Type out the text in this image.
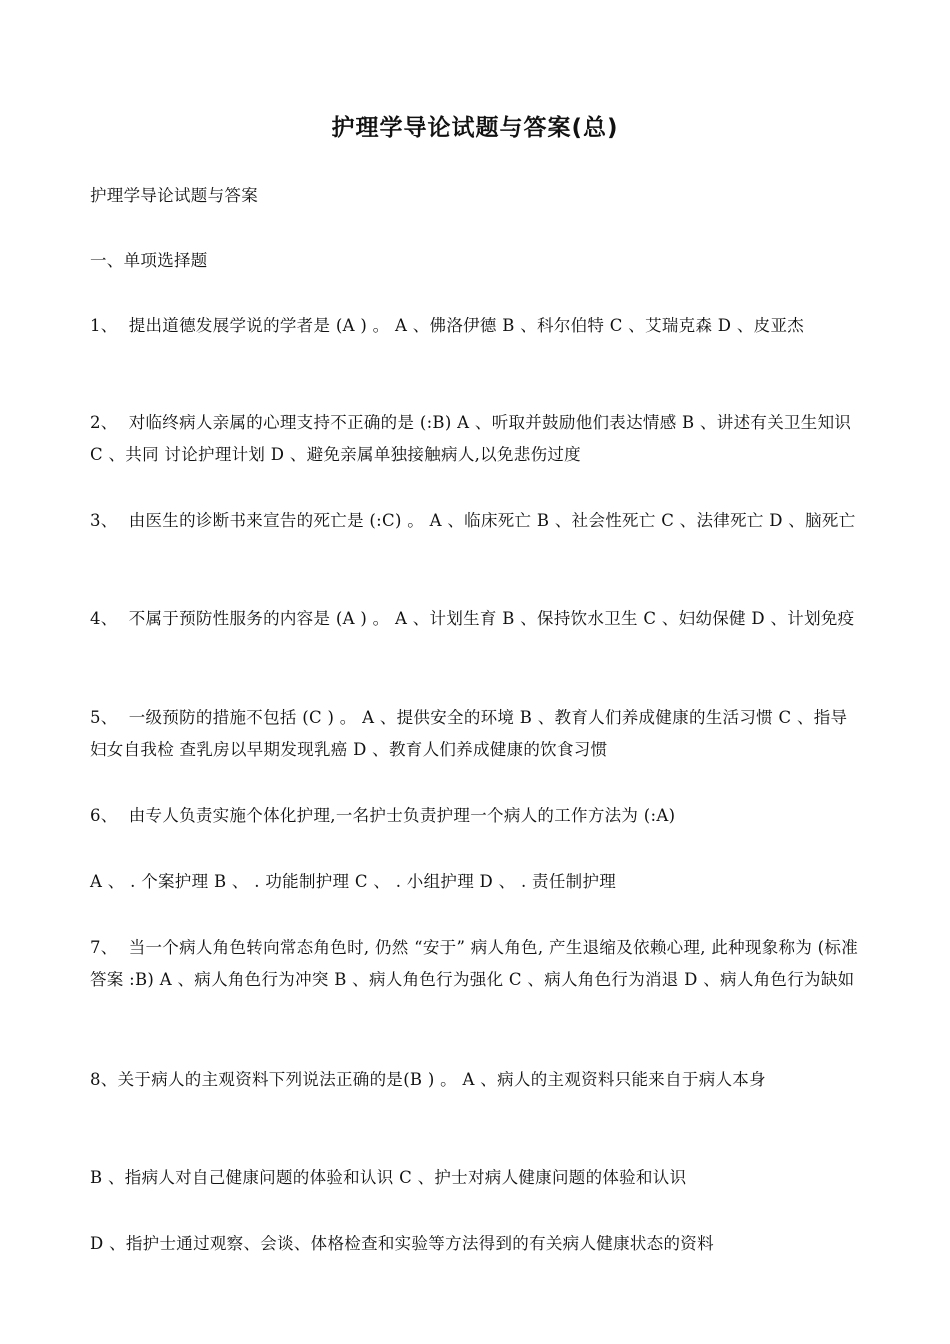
护理学导论试题与答案(总)
护理学导论试题与答案
一、单项选择题
1、  提出道德发展学说的学者是 (A ) 。 A 、佛洛伊德 B 、科尔伯特 C 、艾瑞克森 D 、皮亚杰
2、  对临终病人亲属的心理支持不正确的是 (:B) A 、听取并鼓励他们表达情感 B 、讲述有关卫生知识 C 、共同 讨论护理计划 D 、避免亲属单独接触病人,以免悲伤过度
3、  由医生的诊断书来宣告的死亡是 (:C) 。 A 、临床死亡 B 、社会性死亡 C 、法律死亡 D 、脑死亡
4、  不属于预防性服务的内容是 (A ) 。 A 、计划生育 B 、保持饮水卫生 C 、妇幼保健 D 、计划免疫
5、  一级预防的措施不包括 (C ) 。 A 、提供安全的环境 B 、教育人们养成健康的生活习惯 C 、指导妇女自我检 查乳房以早期发现乳癌 D 、教育人们养成健康的饮食习惯
6、  由专人负责实施个体化护理,一名护士负责护理一个病人的工作方法为 (:A)
A 、 . 个案护理 B 、 . 功能制护理 C 、 . 小组护理 D 、 . 责任制护理
7、  当一个病人角色转向常态角色时, 仍然 “安于” 病人角色, 产生退缩及依赖心理, 此种现象称为 (标准答案 :B) A 、病人角色行为冲突 B 、病人角色行为强化 C 、病人角色行为消退 D 、病人角色行为缺如
8、关于病人的主观资料下列说法正确的是(B ) 。 A 、病人的主观资料只能来自于病人本身
B 、指病人对自己健康问题的体验和认识 C 、护士对病人健康问题的体验和认识
D 、指护士通过观察、会谈、体格检查和实验等方法得到的有关病人健康状态的资料
